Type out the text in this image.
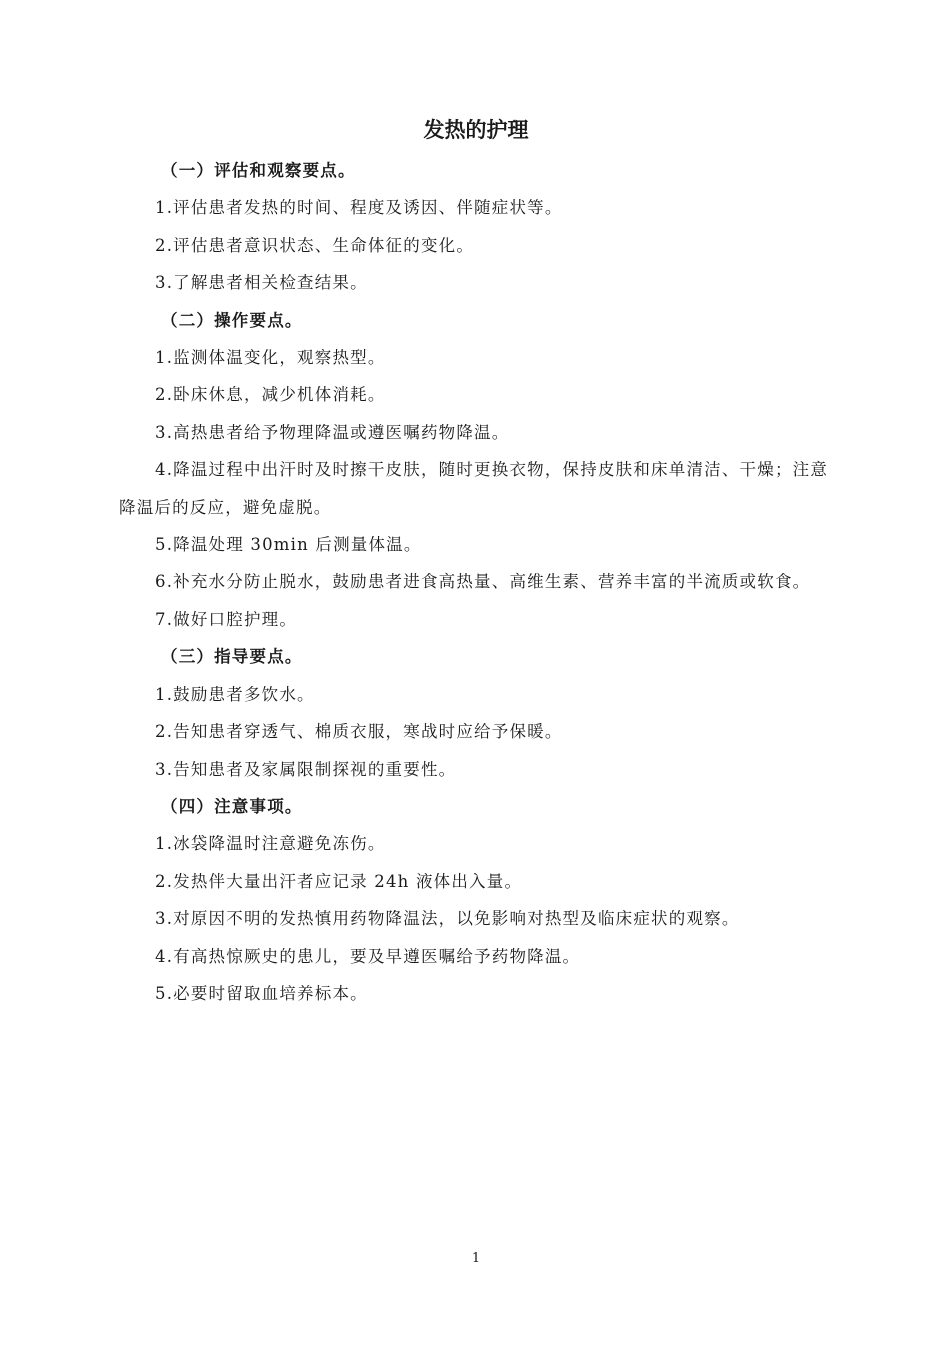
发热的护理

（一）评估和观察要点。

1.评估患者发热的时间、程度及诱因、伴随症状等。

2.评估患者意识状态、生命体征的变化。

3.了解患者相关检查结果。

（二）操作要点。

1.监测体温变化，观察热型。

2.卧床休息，减少机体消耗。

3.高热患者给予物理降温或遵医嘱药物降温。

4.降温过程中出汗时及时擦干皮肤，随时更换衣物，保持皮肤和床单清洁、干燥；注意降温后的反应，避免虚脱。

5.降温处理 30min 后测量体温。

6.补充水分防止脱水，鼓励患者进食高热量、高维生素、营养丰富的半流质或软食。

7.做好口腔护理。

（三）指导要点。

1.鼓励患者多饮水。

2.告知患者穿透气、棉质衣服，寒战时应给予保暖。

3.告知患者及家属限制探视的重要性。

（四）注意事项。

1.冰袋降温时注意避免冻伤。

2.发热伴大量出汗者应记录 24h 液体出入量。

3.对原因不明的发热慎用药物降温法，以免影响对热型及临床症状的观察。

4.有高热惊厥史的患儿，要及早遵医嘱给予药物降温。

5.必要时留取血培养标本。

1
